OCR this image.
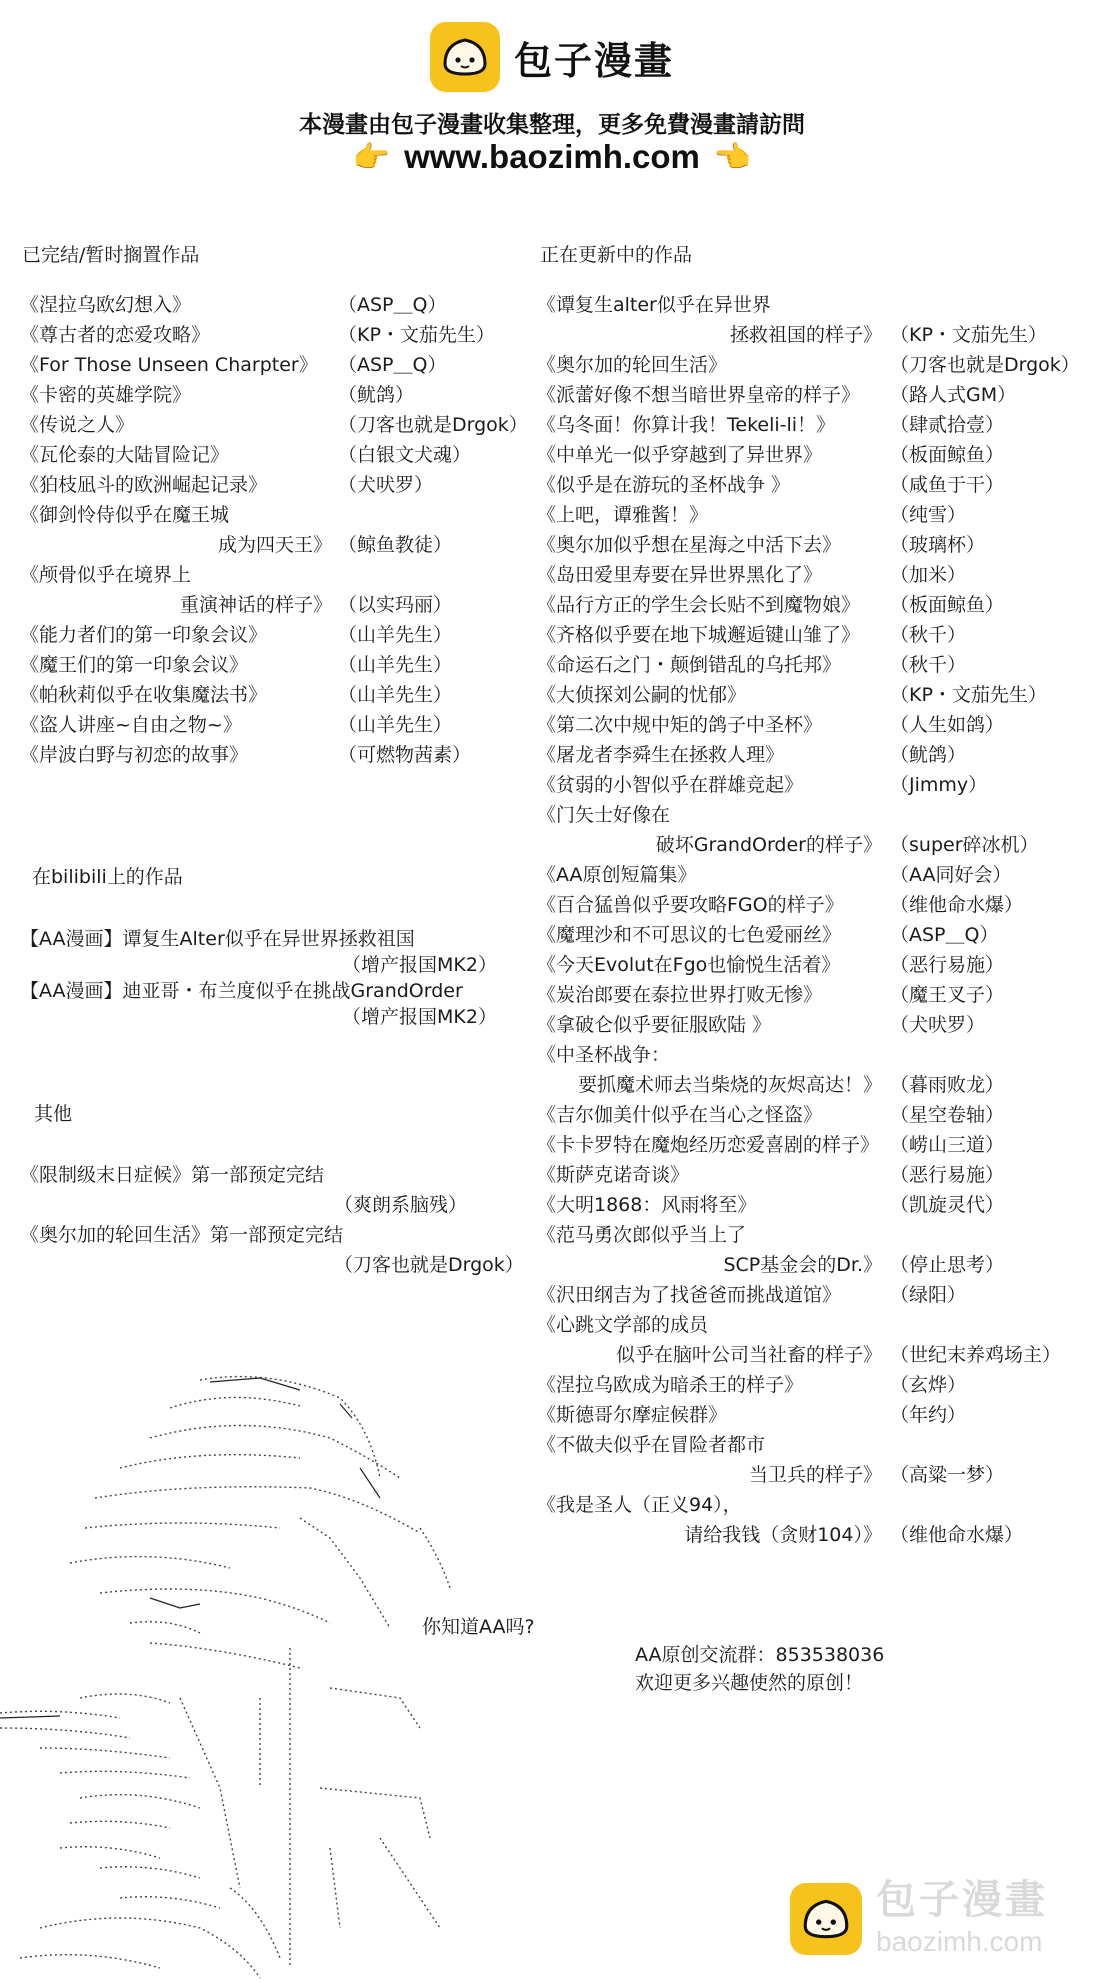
包子漫畫
本漫畫由包子漫畫收集整理，更多免費漫畫請訪問
👉 www.baozimh.com 👈
已完结/暂时搁置作品
《涅拉乌欧幻想入》	（ASP＿Q）
《尊古者的恋爱攻略》	（KP・文茄先生）
《For Those Unseen Charpter》 （ASP＿Q）
《卡密的英雄学院》	（鱿鸽）
《传说之人》	（刀客也就是Drgok）
《瓦伦泰的大陆冒险记》	（白银文犬魂）
《狛枝凪斗的欧洲崛起记录》	（犬吠罗）
《御剑怜侍似乎在魔王城
成为四天王》 （鲸鱼教徒）
《颅骨似乎在境界上
重演神话的样子》 （以实玛丽）
《能力者们的第一印象会议》	（山羊先生）
《魔王们的第一印象会议》	（山羊先生）
《帕秋莉似乎在收集魔法书》	（山羊先生）
《盗人讲座~自由之物~》	（山羊先生）
《岸波白野与初恋的故事》	（可燃物茜素）
在bilibili上的作品
【AA漫画】谭复生Alter似乎在异世界拯救祖国
（增产报国MK2）
【AA漫画】迪亚哥・布兰度似乎在挑战GrandOrder
（增产报国MK2）
其他
《限制级末日症候》第一部预定完结
（爽朗系脑残）
《奥尔加的轮回生活》第一部预定完结
（刀客也就是Drgok）
正在更新中的作品
《谭复生alter似乎在异世界
拯救祖国的样子》 （KP・文茄先生）
《奥尔加的轮回生活》	（刀客也就是Drgok）
《派蕾好像不想当暗世界皇帝的样子》 （路人式GM）
《乌冬面！你算计我！Tekeli-li！》	（肆贰拾壹）
《中单光一似乎穿越到了异世界》	（板面鲸鱼）
《似乎是在游玩的圣杯战争 》	（咸鱼于干）
《上吧，谭雅酱！》	（纯雪）
《奥尔加似乎想在星海之中活下去》	（玻璃杯）
《岛田爱里寿要在异世界黑化了》	（加米）
《品行方正的学生会长贴不到魔物娘》 （板面鲸鱼）
《齐格似乎要在地下城邂逅键山雏了》 （秋千）
《命运石之门・颠倒错乱的乌托邦》	（秋千）
《大侦探刘公嗣的忧郁》	（KP・文茄先生）
《第二次中规中矩的鸽子中圣杯》	（人生如鸽）
《屠龙者李舜生在拯救人理》	（鱿鸽）
《贫弱的小智似乎在群雄竞起》	（Jimmy）
《门矢士好像在
破坏GrandOrder的样子》 （super碎冰机）
《AA原创短篇集》	（AA同好会）
《百合猛兽似乎要攻略FGO的样子》 （维他命水爆）
《魔理沙和不可思议的七色爱丽丝》	（ASP＿Q）
《今天Evolut在Fgo也愉悦生活着》	（恶行易施）
《炭治郎要在泰拉世界打败无惨》	（魔王叉子）
《拿破仑似乎要征服欧陆 》	（犬吠罗）
《中圣杯战争：
要抓魔术师去当柴烧的灰烬高达！》 （暮雨败龙）
《吉尔伽美什似乎在当心之怪盗》	（星空卷轴）
《卡卡罗特在魔炮经历恋爱喜剧的样子》 （崂山三道）
《斯萨克诺奇谈》	（恶行易施）
《大明1868：风雨将至》	（凯旋灵代）
《范马勇次郎似乎当上了
SCP基金会的Dr.》 （停止思考）
《沢田纲吉为了找爸爸而挑战道馆》	（绿阳）
《心跳文学部的成员
似乎在脑叶公司当社畜的样子》 （世纪末养鸡场主）
《涅拉乌欧成为暗杀王的样子》	（玄烨）
《斯德哥尔摩症候群》	（年约）
《不做夫似乎在冒险者都市
当卫兵的样子》 （高粱一梦）
《我是圣人（正义94），
请给我钱（贪财104）》 （维他命水爆）
AA原创交流群：853538036
欢迎更多兴趣使然的原创！
你知道AA吗?
包子漫畫
baozimh.com
